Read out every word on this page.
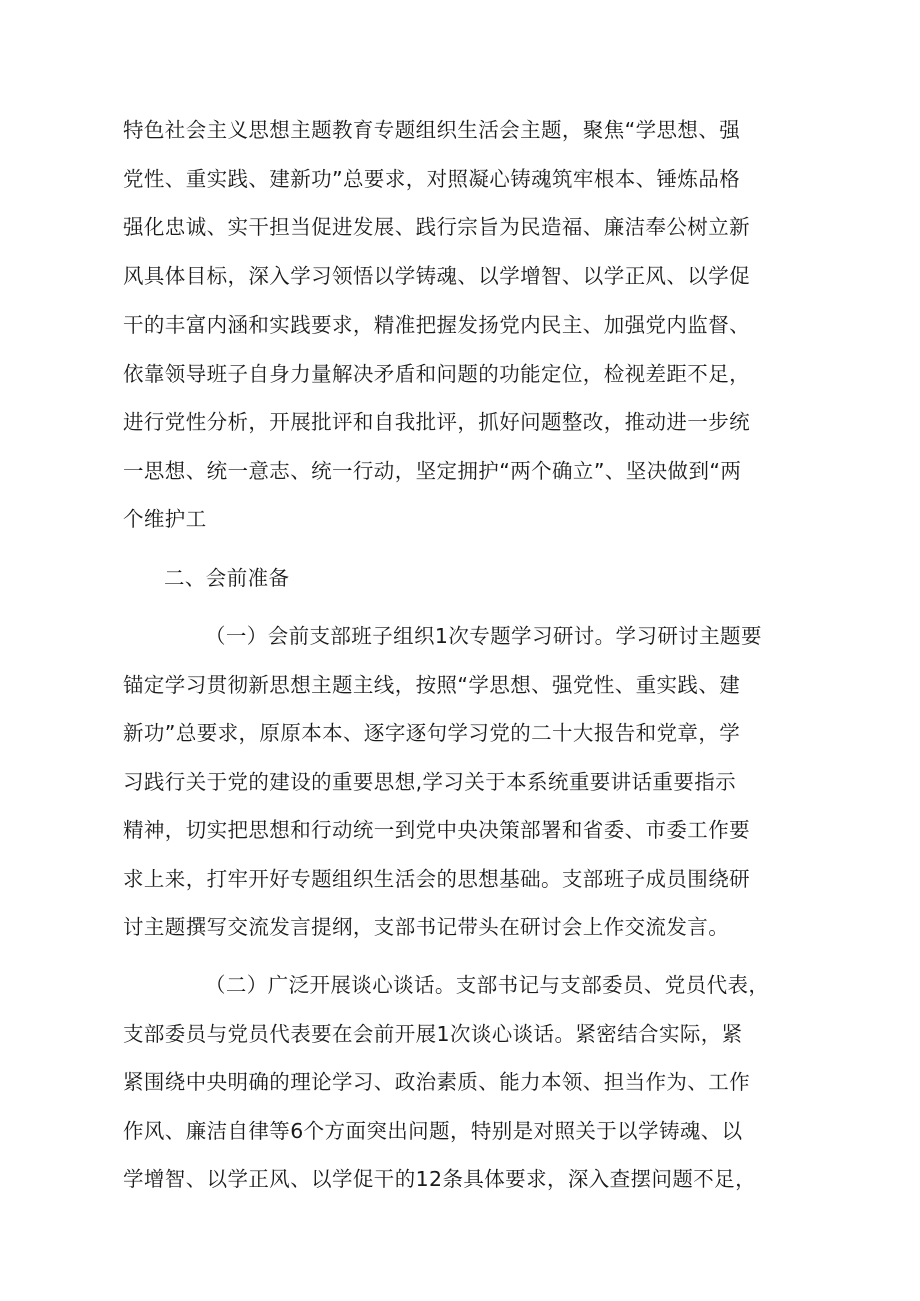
特色社会主义思想主题教育专题组织生活会主题，聚焦“学思想、强
党性、重实践、建新功”总要求，对照凝心铸魂筑牢根本、锤炼品格
强化忠诚、实干担当促进发展、践行宗旨为民造福、廉洁奉公树立新
风具体目标，深入学习领悟以学铸魂、以学增智、以学正风、以学促
干的丰富内涵和实践要求，精准把握发扬党内民主、加强党内监督、
依靠领导班子自身力量解决矛盾和问题的功能定位，检视差距不足，
进行党性分析，开展批评和自我批评，抓好问题整改，推动进一步统
一思想、统一意志、统一行动，坚定拥护“两个确立”、坚决做到“两
个维护工
二、会前准备
（一）会前支部班子组织1次专题学习研讨。学习研讨主题要
锚定学习贯彻新思想主题主线，按照“学思想、强党性、重实践、建
新功”总要求，原原本本、逐字逐句学习党的二十大报告和党章，学
习践行关于党的建设的重要思想,学习关于本系统重要讲话重要指示
精神，切实把思想和行动统一到党中央决策部署和省委、市委工作要
求上来，打牢开好专题组织生活会的思想基础。支部班子成员围绕研
讨主题撰写交流发言提纲，支部书记带头在研讨会上作交流发言。
（二）广泛开展谈心谈话。支部书记与支部委员、党员代表，
支部委员与党员代表要在会前开展1次谈心谈话。紧密结合实际，紧
紧围绕中央明确的理论学习、政治素质、能力本领、担当作为、工作
作风、廉洁自律等6个方面突出问题，特别是对照关于以学铸魂、以
学增智、以学正风、以学促干的12条具体要求，深入查摆问题不足，
